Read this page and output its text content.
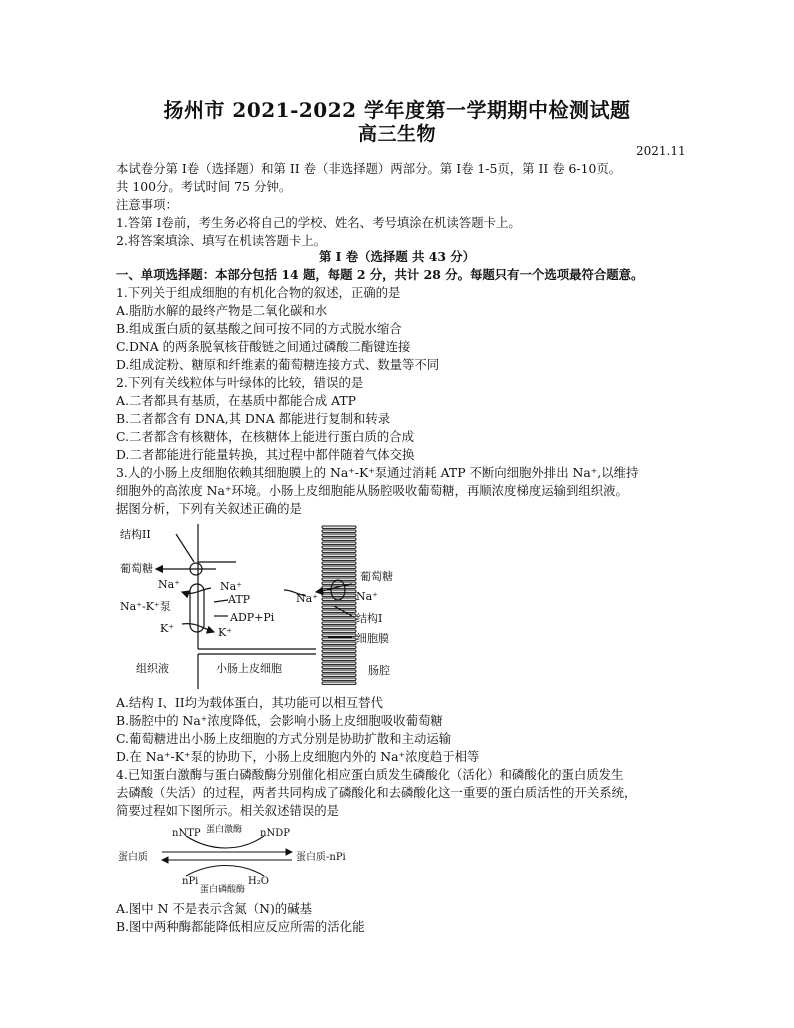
扬州市 2021-2022 学年度第一学期期中检测试题
高三生物
2021.11
本试卷分第 I卷（选择题）和第 II 卷（非选择题）两部分。第 I卷 1-5页，第 II 卷 6-10页。
共 100分。考试时间 75 分钟。
注意事项：
1.答第 I卷前，考生务必将自己的学校、姓名、考号填涂在机读答题卡上。
2.将答案填涂、填写在机读答题卡上。
第 I 卷（选择题 共 43 分）
一、单项选择题：本部分包括 14 题，每题 2 分，共计 28 分。每题只有一个选项最符合题意。
1.下列关于组成细胞的有机化合物的叙述，正确的是
A.脂肪水解的最终产物是二氧化碳和水
B.组成蛋白质的氨基酸之间可按不同的方式脱水缩合
C.DNA 的两条脱氧核苷酸链之间通过磷酸二酯键连接
D.组成淀粉、糖原和纤维素的葡萄糖连接方式、数量等不同
2.下列有关线粒体与叶绿体的比较，错误的是
A.二者都具有基质，在基质中都能合成 ATP
B.二者都含有 DNA,其 DNA 都能进行复制和转录
C.二者都含有核糖体，在核糖体上能进行蛋白质的合成
D.二者都能进行能量转换，其过程中都伴随着气体交换
3.人的小肠上皮细胞依赖其细胞膜上的 Na⁺-K⁺泵通过消耗 ATP 不断向细胞外排出 Na⁺,以维持
细胞外的高浓度 Na⁺环境。小肠上皮细胞能从肠腔吸收葡萄糖，再顺浓度梯度运输到组织液。
据图分析，下列有关叙述正确的是
结构II
葡萄糖
Na⁺	Na⁺
ATP
Na⁺-K⁺泵
ADP+Pi
K⁺	K⁺
葡萄糖
Na⁺	Na⁺
结构I
细胞膜
组织液	小肠上皮细胞	肠腔
A.结构 I、II均为载体蛋白，其功能可以相互替代
B.肠腔中的 Na⁺浓度降低，会影响小肠上皮细胞吸收葡萄糖
C.葡萄糖进出小肠上皮细胞的方式分别是协助扩散和主动运输
D.在 Na⁺-K⁺泵的协助下，小肠上皮细胞内外的 Na⁺浓度趋于相等
4.已知蛋白激酶与蛋白磷酸酶分别催化相应蛋白质发生磷酸化（活化）和磷酸化的蛋白质发生
去磷酸（失活）的过程，两者共同构成了磷酸化和去磷酸化这一重要的蛋白质活性的开关系统，
简要过程如下图所示。相关叙述错误的是
nNTP 蛋白激酶 nNDP
蛋白质	蛋白质-nPi
nPi	H₂O
蛋白磷酸酶
A.图中 N 不是表示含氮（N)的碱基
B.图中两种酶都能降低相应反应所需的活化能
